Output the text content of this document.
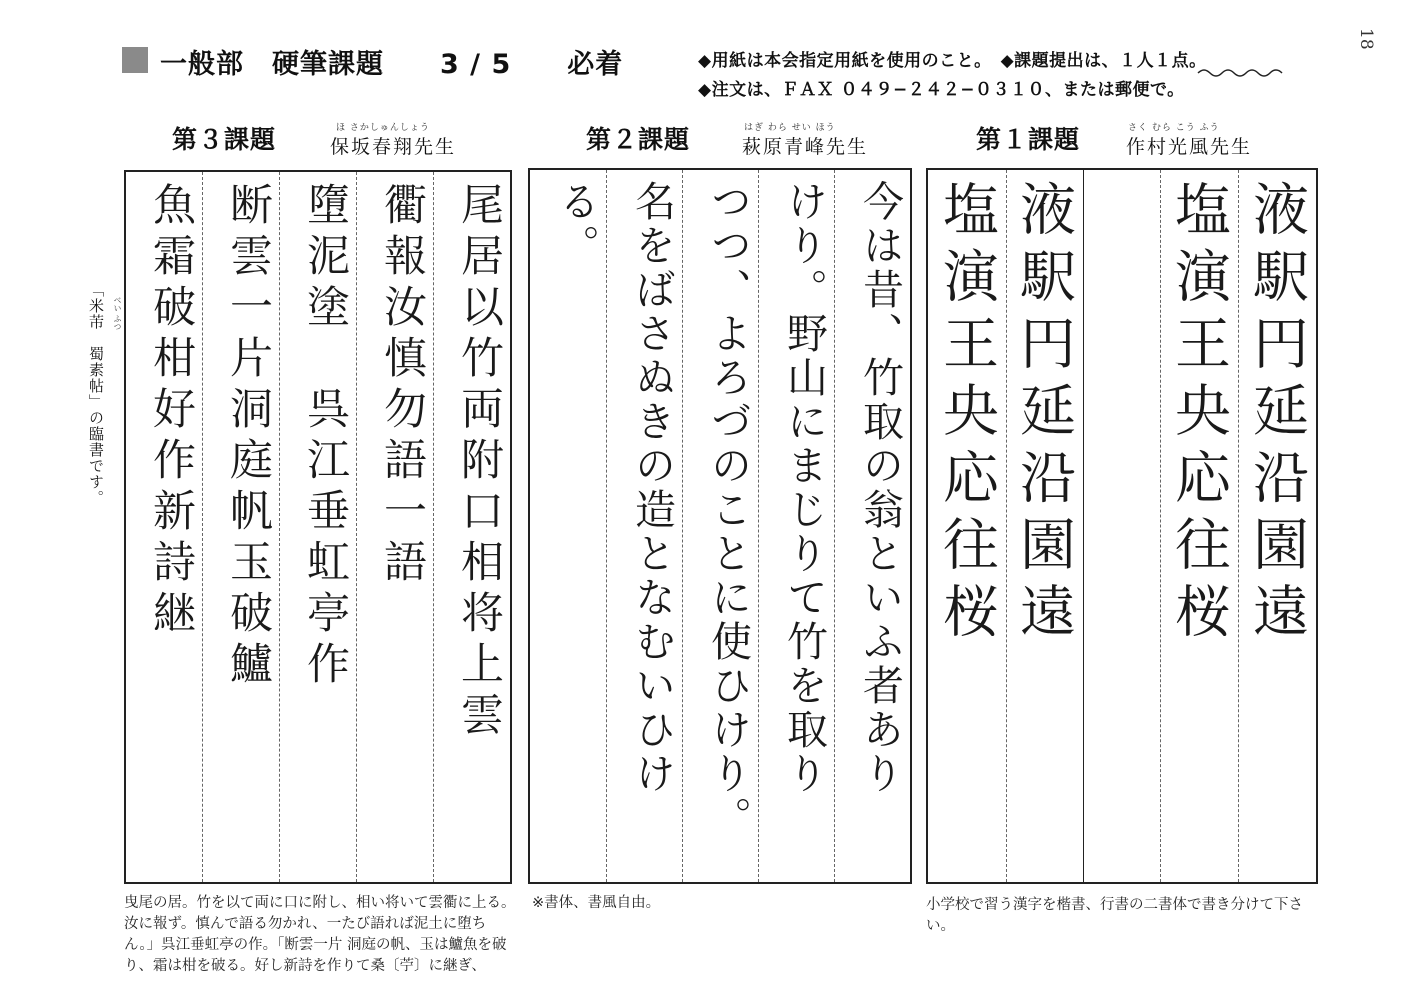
18
一般部　硬筆課題　　3 / 5　　必着	◆用紙は本会指定用紙を使用のこと。　◆課題提出は、１人１点。
◆注文は、ＦＡＸ ０４９−２４２−０３１０、または郵便で。
第３課題	ほ さかしゅんしょう
保坂春翔先生	第２課題	はぎ わら せい ほう
萩原青峰先生	第１課題	さく むら こう ふう
作村光風先生
べい ふつ
「米芾　蜀素帖」の臨書です。	尾居以竹両附口相将上雲
衢報汝慎勿語一語
墮泥塗　呉江垂虹亭作
断雲一片洞庭帆玉破鱸
魚霜破柑好作新詩継	今は昔、竹取の翁といふ者あり
けり。野山にまじりて竹を取り
つつ、よろづのことに使ひけり。
名をばさぬきの造となむいひけ
る。	液駅円延沿園遠
塩演王央応往桜
液駅円延沿園遠
塩演王央応往桜
曳尾の居。竹を以て両に口に附し、相い将いて雲衢に上る。汝に報ず。慎んで語る勿かれ、一たび語れば泥土に堕ちん。」呉江垂虹亭の作。「断雲一片 洞庭の帆、玉は鱸魚を破り、霜は柑を破る。好し新詩を作りて桑〔苧〕に継ぎ、
※書体、書風自由。	小学校で習う漢字を楷書、行書の二書体で書き分けて下さい。
